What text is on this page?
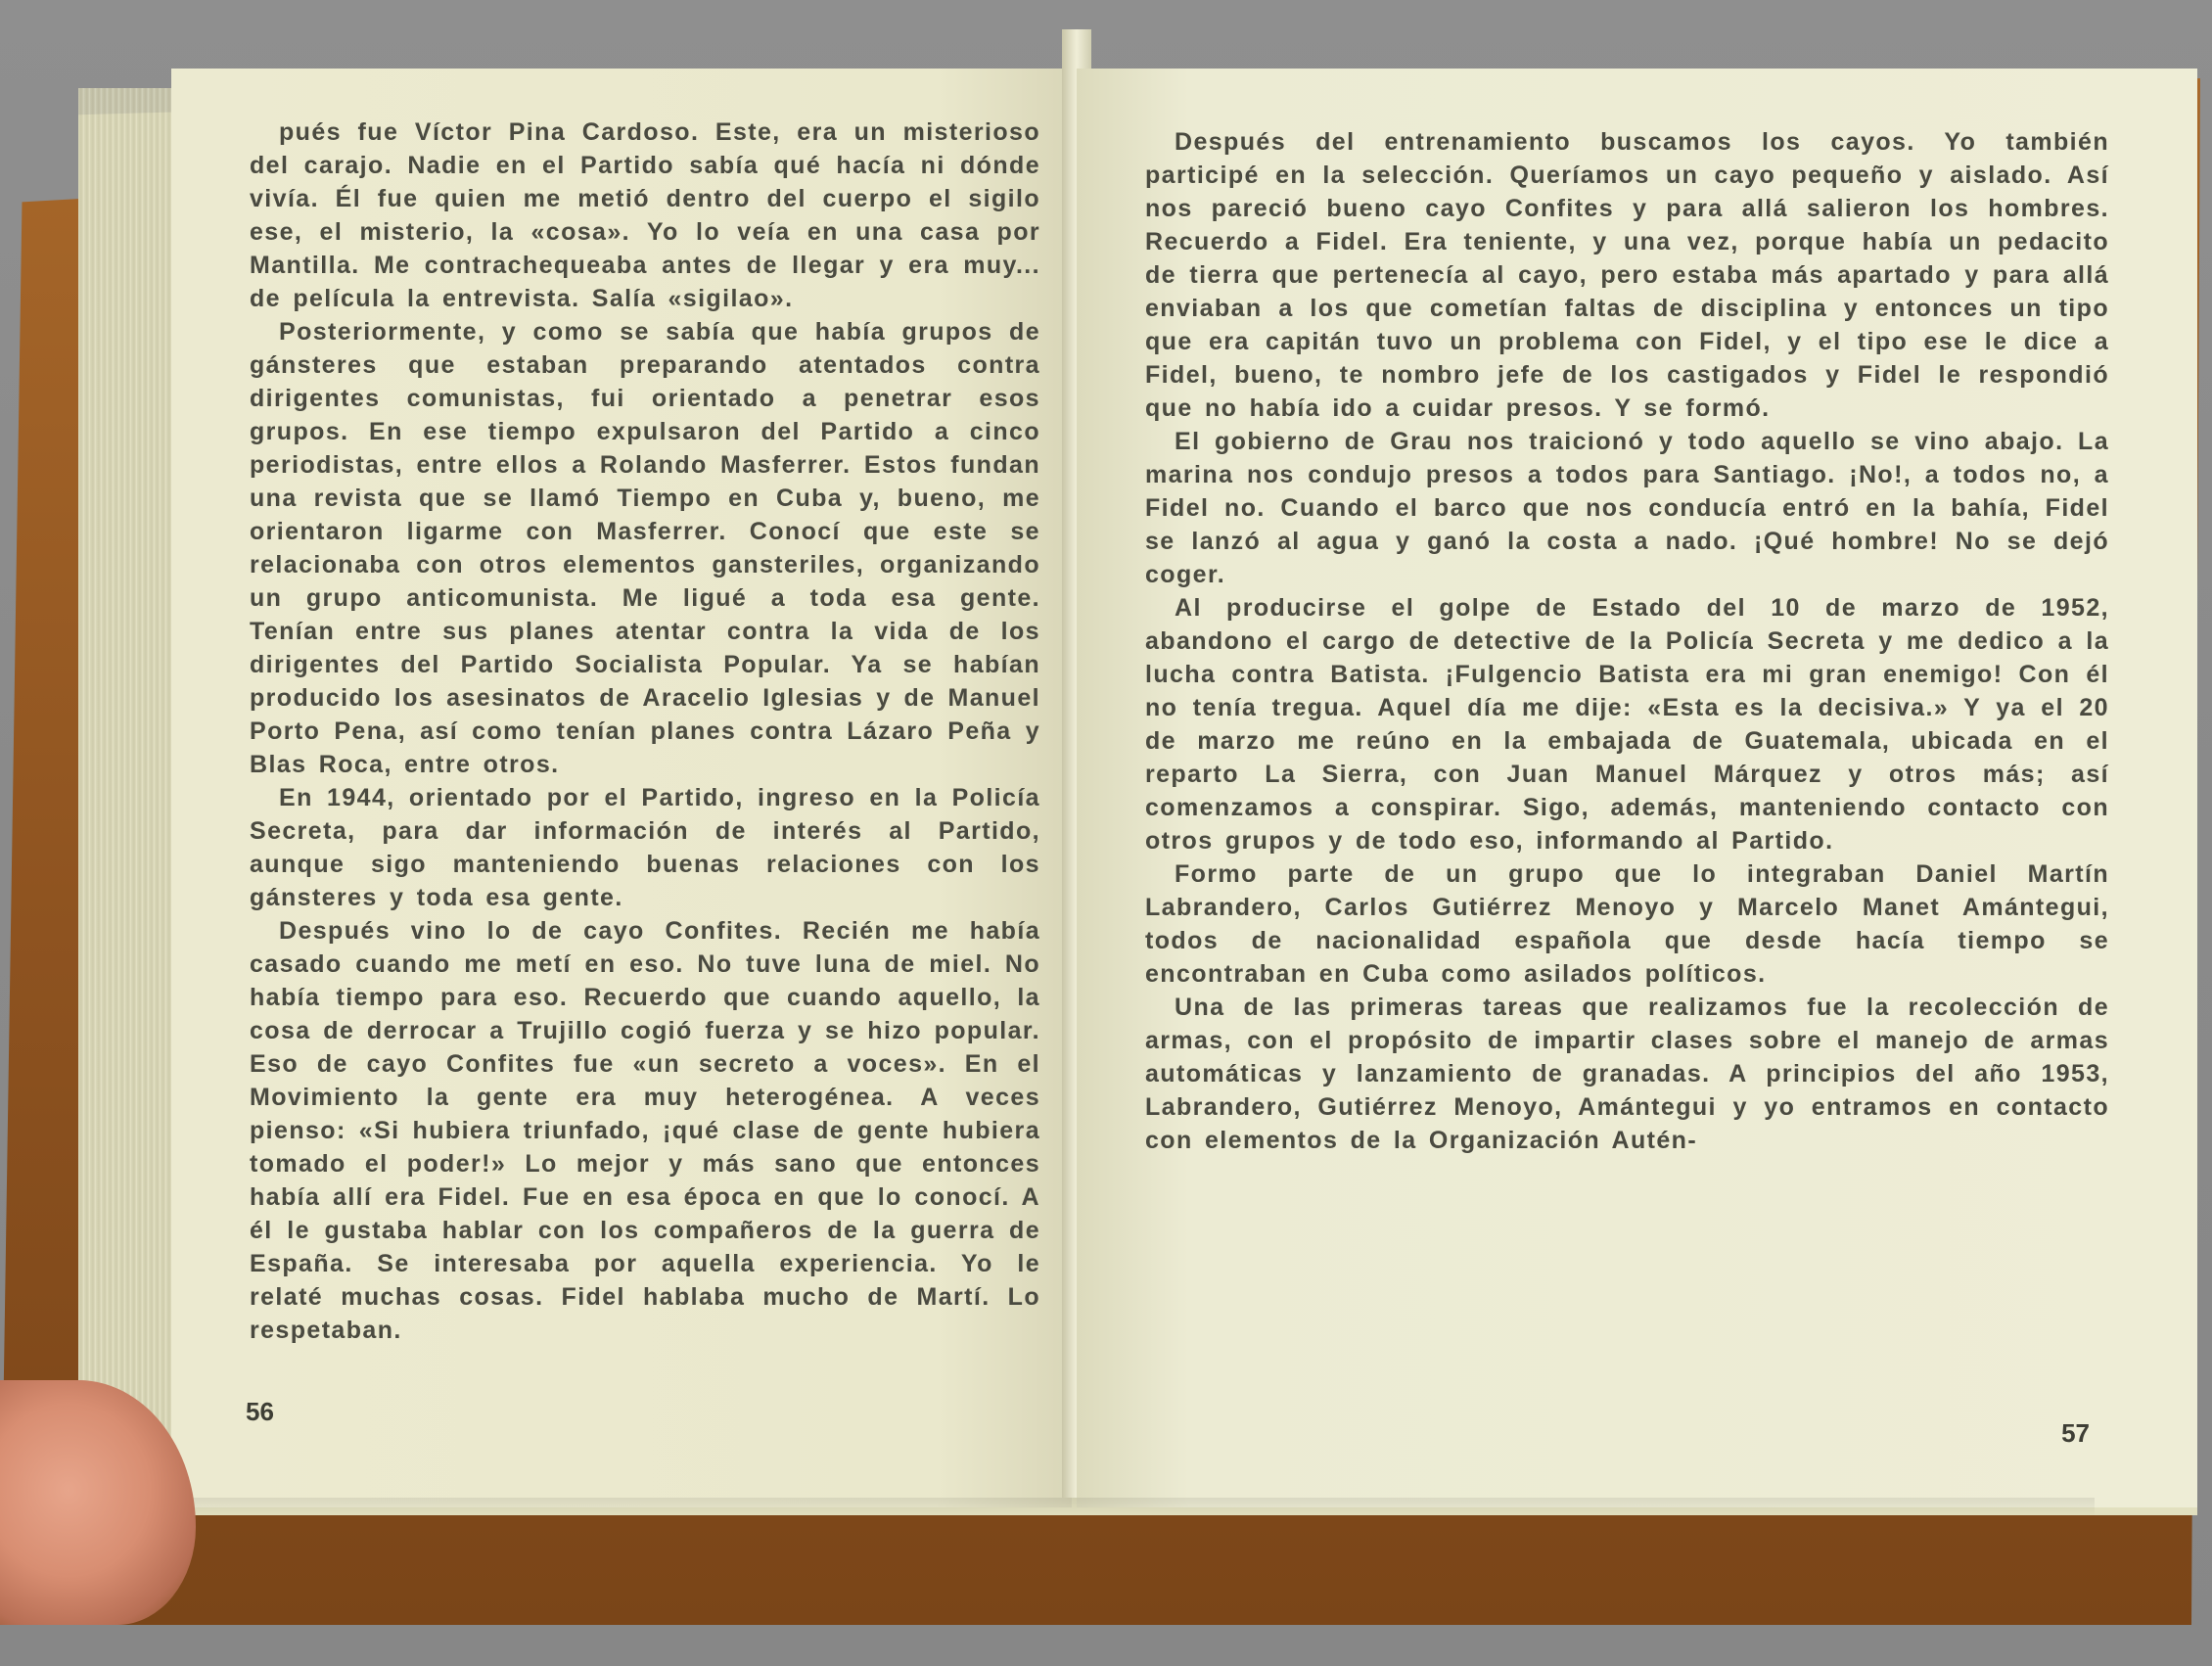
pués fue Víctor Pina Cardoso. Este, era un misterioso del carajo. Nadie en el Partido sabía qué hacía ni dónde vivía. Él fue quien me metió dentro del cuerpo el sigilo ese, el misterio, la «cosa». Yo lo veía en una casa por Mantilla. Me contrachequeaba antes de llegar y era muy... de película la entrevista. Salía «sigilao».

Posteriormente, y como se sabía que había grupos de gánsteres que estaban preparando atentados contra dirigentes comunistas, fui orientado a penetrar esos grupos. En ese tiempo expulsaron del Partido a cinco periodistas, entre ellos a Rolando Masferrer. Estos fundan una revista que se llamó Tiempo en Cuba y, bueno, me orientaron ligarme con Masferrer. Conocí que este se relacionaba con otros elementos gansteriles, organizando un grupo anticomunista. Me ligué a toda esa gente. Tenían entre sus planes atentar contra la vida de los dirigentes del Partido Socialista Popular. Ya se habían producido los asesinatos de Aracelio Iglesias y de Manuel Porto Pena, así como tenían planes contra Lázaro Peña y Blas Roca, entre otros.

En 1944, orientado por el Partido, ingreso en la Policía Secreta, para dar información de interés al Partido, aunque sigo manteniendo buenas relaciones con los gánsteres y toda esa gente.

Después vino lo de cayo Confites. Recién me había casado cuando me metí en eso. No tuve luna de miel. No había tiempo para eso. Recuerdo que cuando aquello, la cosa de derrocar a Trujillo cogió fuerza y se hizo popular. Eso de cayo Confites fue «un secreto a voces». En el Movimiento la gente era muy heterogénea. A veces pienso: «Si hubiera triunfado, ¡qué clase de gente hubiera tomado el poder!» Lo mejor y más sano que entonces había allí era Fidel. Fue en esa época en que lo conocí. A él le gustaba hablar con los compañeros de la guerra de España. Se interesaba por aquella experiencia. Yo le relaté muchas cosas. Fidel hablaba mucho de Martí. Lo respetaban.

56

Después del entrenamiento buscamos los cayos. Yo también participé en la selección. Queríamos un cayo pequeño y aislado. Así nos pareció bueno cayo Confites y para allá salieron los hombres. Recuerdo a Fidel. Era teniente, y una vez, porque había un pedacito de tierra que pertenecía al cayo, pero estaba más apartado y para allá enviaban a los que cometían faltas de disciplina y entonces un tipo que era capitán tuvo un problema con Fidel, y el tipo ese le dice a Fidel, bueno, te nombro jefe de los castigados y Fidel le respondió que no había ido a cuidar presos. Y se formó.

El gobierno de Grau nos traicionó y todo aquello se vino abajo. La marina nos condujo presos a todos para Santiago. ¡No!, a todos no, a Fidel no. Cuando el barco que nos conducía entró en la bahía, Fidel se lanzó al agua y ganó la costa a nado. ¡Qué hombre! No se dejó coger.

Al producirse el golpe de Estado del 10 de marzo de 1952, abandono el cargo de detective de la Policía Secreta y me dedico a la lucha contra Batista. ¡Fulgencio Batista era mi gran enemigo! Con él no tenía tregua. Aquel día me dije: «Esta es la decisiva.» Y ya el 20 de marzo me reúno en la embajada de Guatemala, ubicada en el reparto La Sierra, con Juan Manuel Márquez y otros más; así comenzamos a conspirar. Sigo, además, manteniendo contacto con otros grupos y de todo eso, informando al Partido.

Formo parte de un grupo que lo integraban Daniel Martín Labrandero, Carlos Gutiérrez Menoyo y Marcelo Manet Amántegui, todos de nacionalidad española que desde hacía tiempo se encontraban en Cuba como asilados políticos.

Una de las primeras tareas que realizamos fue la recolección de armas, con el propósito de impartir clases sobre el manejo de armas automáticas y lanzamiento de granadas. A principios del año 1953, Labrandero, Gutiérrez Menoyo, Amántegui y yo entramos en contacto con elementos de la Organización Autén-

57
